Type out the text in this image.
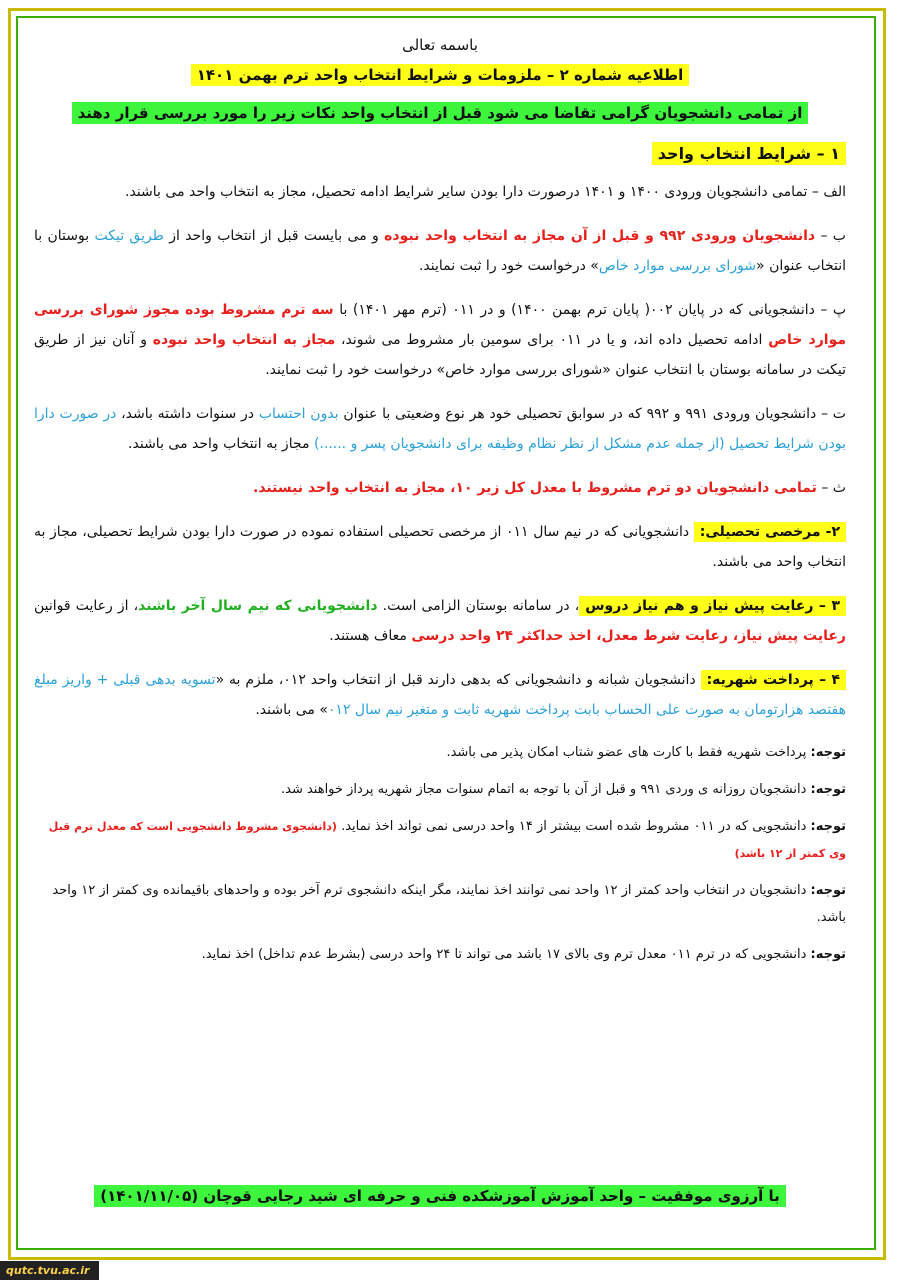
باسمه تعالی
اطلاعیه شماره ۲ – ملزومات و شرایط انتخاب واحد ترم بهمن ۱۴۰۱
از تمامی دانشجویان گرامی تقاضا می شود قبل از انتخاب واحد نکات زیر را مورد بررسی قرار دهند
۱ – شرایط انتخاب واحد

الف – تمامی دانشجویان ورودی ۱۴۰۰ و ۱۴۰۱ درصورت دارا بودن سایر شرایط ادامه تحصیل، مجاز به انتخاب واحد می باشند.

ب – دانشجویان ورودی ۹۹۲ و قبل از آن مجاز به انتخاب واحد نبوده و می بایست قبل از انتخاب واحد از طریق تیکت بوستان با انتخاب عنوان «شورای بررسی موارد خاص» درخواست خود را ثبت نمایند.

پ – دانشجویانی که در پایان ۰۰۲( پایان ترم بهمن ۱۴۰۰) و در ۰۱۱ (ترم مهر ۱۴۰۱) با سه ترم مشروط بوده مجوز شورای بررسی موارد خاص ادامه تحصیل داده اند، و یا در ۰۱۱ برای سومین بار مشروط می شوند، مجاز به انتخاب واحد نبوده و آنان نیز از طریق تیکت در سامانه بوستان با انتخاب عنوان «شورای بررسی موارد خاص» درخواست خود را ثبت نمایند.

ت – دانشجویان ورودی ۹۹۱ و ۹۹۲ که در سوابق تحصیلی خود هر نوع وضعیتی با عنوان بدون احتساب در سنوات داشته باشد، در صورت دارا بودن شرایط تحصیل (از جمله عدم مشکل از نظر نظام وظیفه برای دانشجویان پسر و ......) مجاز به انتخاب واحد می باشند.

ث – تمامی دانشجویان دو ترم مشروط با معدل کل زیر ۱۰، مجاز به انتخاب واحد نیستند.

۲- مرخصی تحصیلی: دانشجویانی که در نیم سال ۰۱۱ از مرخصی تحصیلی استفاده نموده در صورت دارا بودن شرایط تحصیلی، مجاز به انتخاب واحد می باشند.

۳ – رعایت پیش نیاز و هم نیاز دروس، در سامانه بوستان الزامی است. دانشجویانی که نیم سال آخر باشند، از رعایت قوانین رعایت پیش نیاز، رعایت شرط معدل، اخذ حداکثر ۲۴ واحد درسی معاف هستند.

۴ – پرداخت شهریه: دانشجویان شبانه و دانشجویانی که بدهی دارند قبل از انتخاب واحد ۰۱۲، ملزم به «تسویه بدهی قبلی + واریز مبلغ هفتصد هزارتومان به صورت علی الحساب بابت پرداخت شهریه ثابت و متغیر نیم سال ۰۱۲» می باشند.

توجه: پرداخت شهریه فقط با کارت های عضو شتاب امکان پذیر می باشد.
توجه: دانشجویان روزانه ی وردی ۹۹۱ و قبل از آن با توجه به اتمام سنوات مجاز شهریه پرداز خواهند شد.
توجه: دانشجویی که در ۰۱۱ مشروط شده است بیشتر از ۱۴ واحد درسی نمی تواند اخذ نماید. (دانشجوی مشروط دانشجویی است که معدل ترم قبل وی کمتر از ۱۲ باشد)
توجه: دانشجویان در انتخاب واحد کمتر از ۱۲ واحد نمی توانند اخذ نمایند، مگر اینکه دانشجوی ترم آخر بوده و واحدهای باقیمانده وی کمتر از ۱۲ واحد باشد.
توجه: دانشجویی که در ترم ۰۱۱ معدل ترم وی بالای ۱۷ باشد می تواند تا ۲۴ واحد درسی (بشرط عدم تداخل) اخذ نماید.
با آرزوی موفقیت – واحد آموزش آموزشکده فنی و حرفه ای شید رجایی قوچان (۱۴۰۱/۱۱/۰۵)
qutc.tvu.ac.ir
